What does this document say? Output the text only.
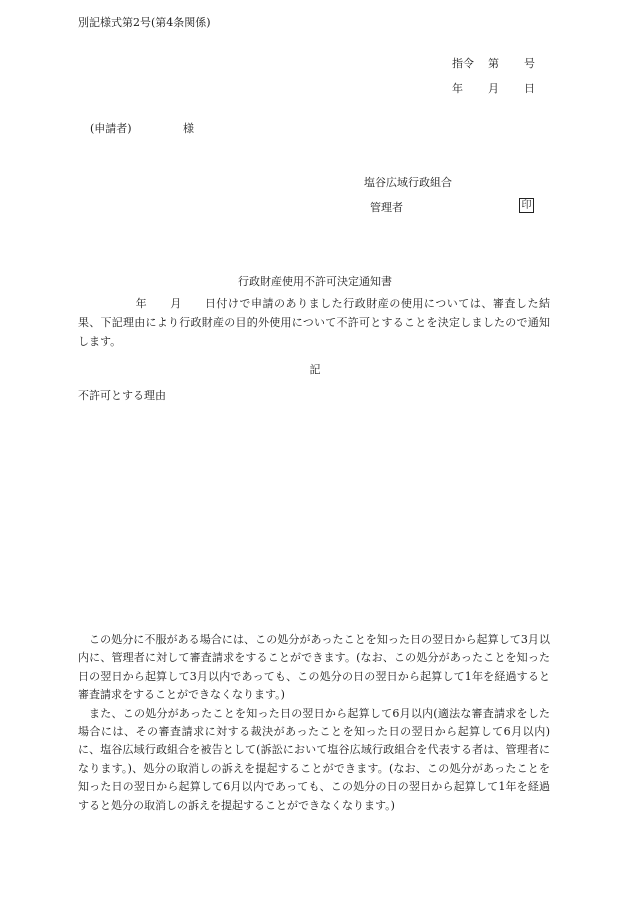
別記様式第2号(第4条関係)
指令 第 号
年 月 日
(申請者)	様
塩谷広域行政組合
管理者	印
行政財産使用不許可決定通知書
　　　　　年　　月　　日付けで申請のありました行政財産の使用については、審査した結果、下記理由により行政財産の目的外使用について不許可とすることを決定しましたので通知します。
記
不許可とする理由

この処分に不服がある場合には、この処分があったことを知った日の翌日から起算して3月以内に、管理者に対して審査請求をすることができます。(なお、この処分があったことを知った日の翌日から起算して3月以内であっても、この処分の日の翌日から起算して1年を経過すると審査請求をすることができなくなります。)

また、この処分があったことを知った日の翌日から起算して6月以内(適法な審査請求をした場合には、その審査請求に対する裁決があったことを知った日の翌日から起算して6月以内)に、塩谷広域行政組合を被告として(訴訟において塩谷広域行政組合を代表する者は、管理者になります。)、処分の取消しの訴えを提起することができます。(なお、この処分があったことを知った日の翌日から起算して6月以内であっても、この処分の日の翌日から起算して1年を経過すると処分の取消しの訴えを提起することができなくなります。)
